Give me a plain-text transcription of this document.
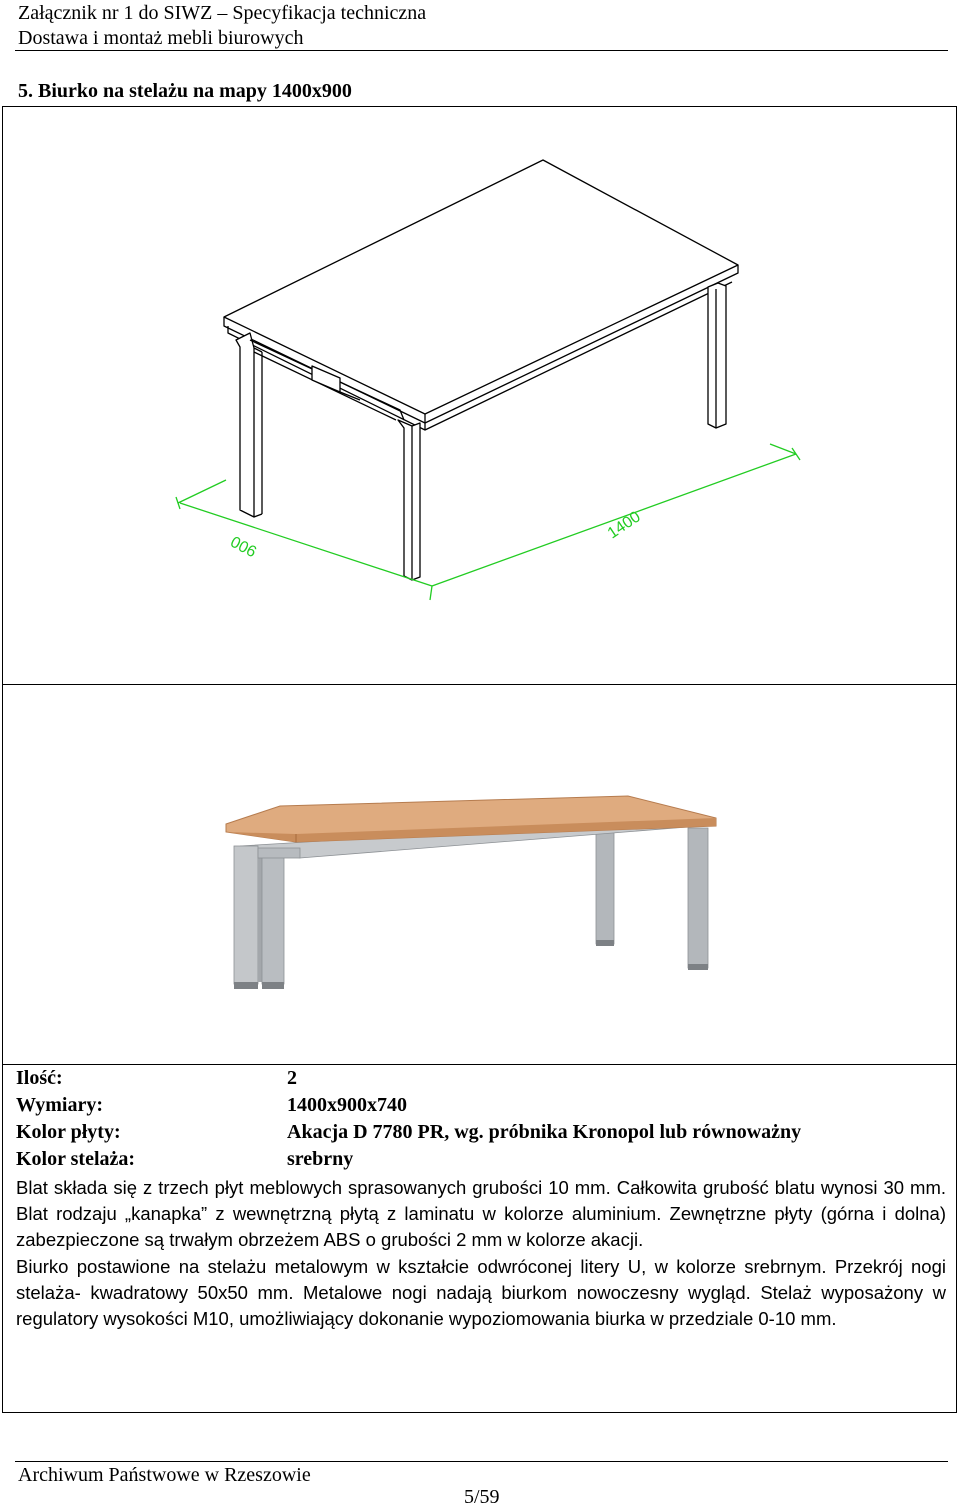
Załącznik nr 1 do SIWZ – Specyfikacja techniczna
Dostawa i montaż mebli biurowych
5. Biurko na stelażu na mapy 1400x900
1400
900
Ilość:	2
Wymiary:	1400x900x740
Kolor płyty:	Akacja D 7780 PR, wg. próbnika Kronopol lub równoważny
Kolor stelaża:	srebrny

Blat składa się z trzech płyt meblowych sprasowanych grubości 10 mm. Całkowita grubość blatu wynosi 30 mm. Blat rodzaju „kanapka” z wewnętrzną płytą z laminatu w kolorze aluminium. Zewnętrzne płyty (górna i dolna) zabezpieczone są trwałym obrzeżem ABS o grubości 2 mm w kolorze akacji.

Biurko postawione na stelażu metalowym w kształcie odwróconej litery U, w kolorze srebrnym. Przekrój nogi stelaża- kwadratowy 50x50 mm. Metalowe nogi nadają biurkom nowoczesny wygląd. Stelaż wyposażony w regulatory wysokości M10, umożliwiający dokonanie wypoziomowania biurka w przedziale 0-10 mm.

Archiwum Państwowe w Rzeszowie
5/59
